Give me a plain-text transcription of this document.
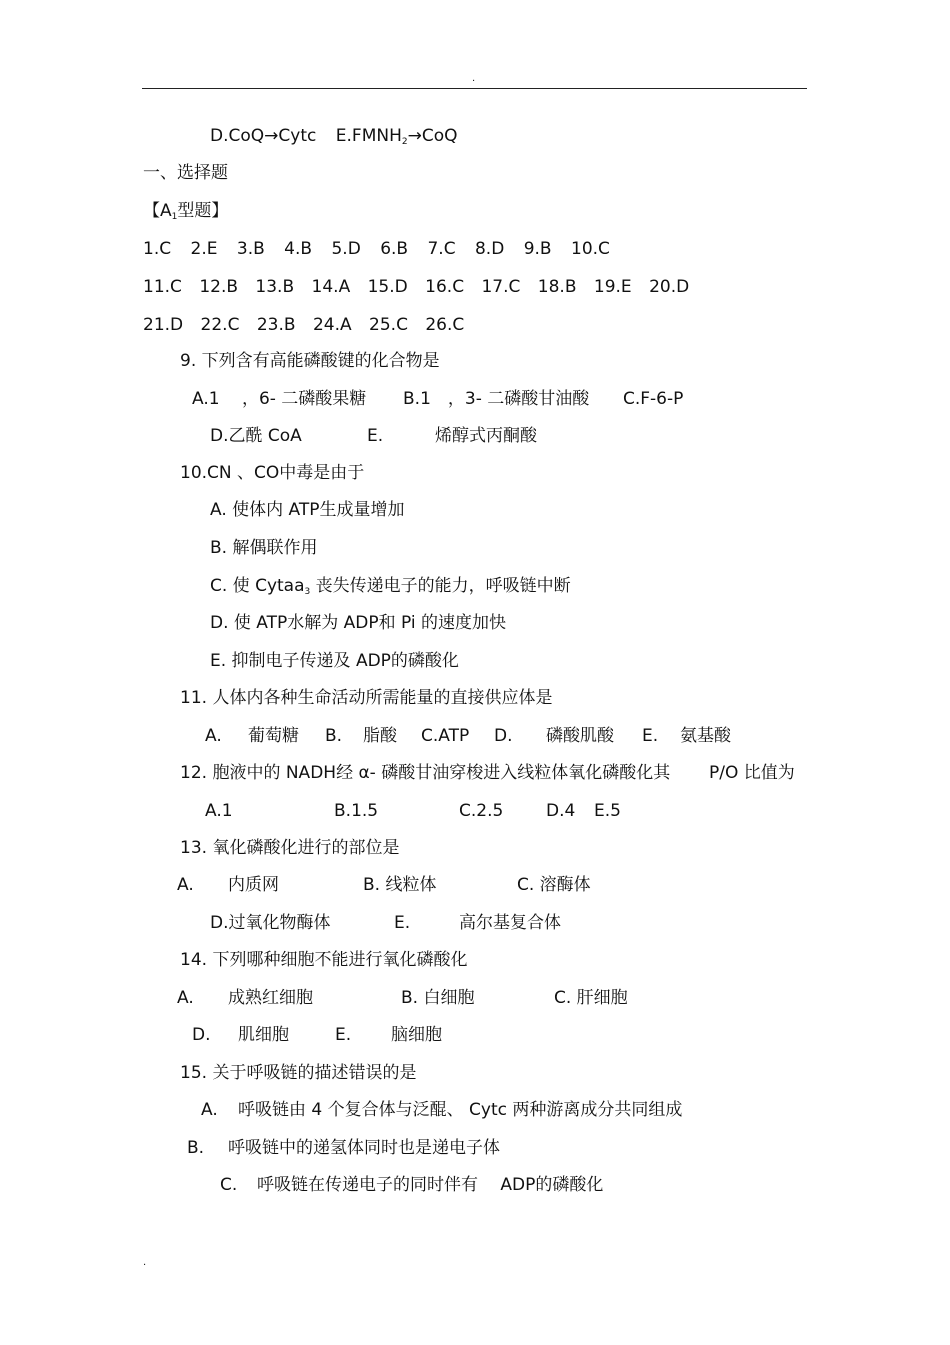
.
D.CoQ→Cytc $E.FMNH_2\to CoQ$
一、选择题
【$A_1$型题】
1.C 2.E 3.B 4.B 5.D 6.B 7.C 8.D 9.B 10.C
11.C 12.B 13.B 14.A 15.D 16.C 17.C 18.B 19.E 20.D
21.D 22.C 23.B 24.A 25.C 26.C
9. 下列含有高能磷酸键的化合物是
A.1　 ，6- 二磷酸果糖 B.1　，3- 二磷酸甘油酸 C.F-6-P
D.乙酰 CoA	E.	烯醇式丙酮酸
10.CN 、CO中毒是由于
A. 使体内 ATP生成量增加
B. 解偶联作用
C. 使 Cytaa$_3$ 丧失传递电子的能力，呼吸链中断
D. 使 ATP水解为 ADP和 Pi 的速度加快
E. 抑制电子传递及 ADP的磷酸化
11. 人体内各种生命活动所需能量的直接供应体是
A. 葡萄糖 B. 脂酸 C.ATP D. 磷酸肌酸 E. 氨基酸
12. 胞液中的 NADH经 α- 磷酸甘油穿梭进入线粒体氧化磷酸化其 P/O 比值为
A.1	B.1.5	C.2.5	D.4 E.5
13. 氧化磷酸化进行的部位是
A. 内质网	B. 线粒体	C. 溶酶体
D.过氧化物酶体	E.	高尔基复合体
14. 下列哪种细胞不能进行氧化磷酸化
A. 成熟红细胞	B. 白细胞	C. 肝细胞
D. 肌细胞	E. 脑细胞
15. 关于呼吸链的描述错误的是
A. 呼吸链由 4 个复合体与泛醌、 Cytc 两种游离成分共同组成
B. 呼吸链中的递氢体同时也是递电子体
C. 呼吸链在传递电子的同时伴有　 ADP的磷酸化
.
